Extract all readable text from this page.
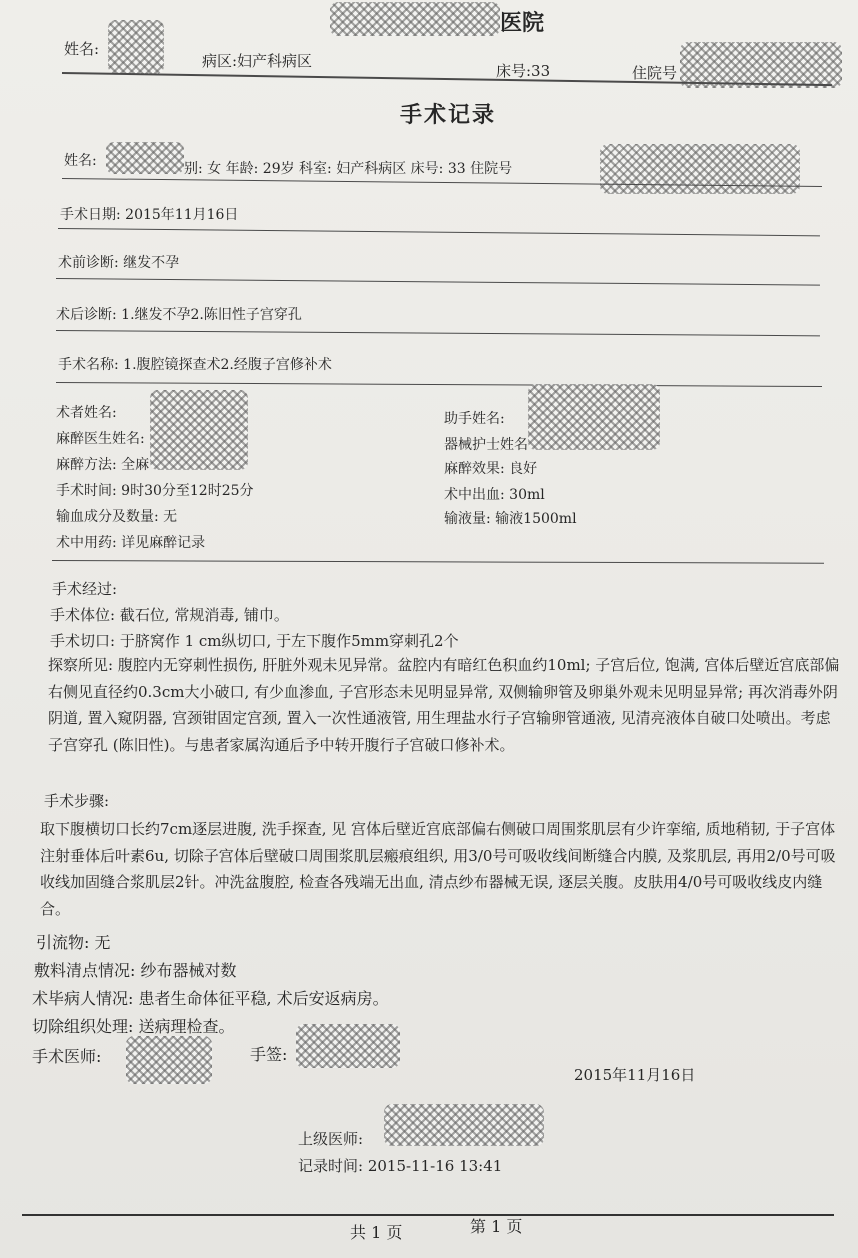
医院
姓名:
病区:妇产科病区
床号:33	住院号
手术记录
姓名:	别: 女 年龄: 29岁 科室: 妇产科病区 床号: 33 住院号
手术日期: 2015年11月16日
术前诊断: 继发不孕
术后诊断: 1.继发不孕2.陈旧性子宫穿孔
手术名称: 1.腹腔镜探查术2.经腹子宫修补术
术者姓名:
麻醉医生姓名:
麻醉方法: 全麻
手术时间: 9时30分至12时25分
输血成分及数量: 无
术中用药: 详见麻醉记录
助手姓名:
器械护士姓名
麻醉效果: 良好
术中出血: 30ml
输液量: 输液1500ml
手术经过:
手术体位: 截石位, 常规消毒, 铺巾。
手术切口: 于脐窝作 1 cm纵切口, 于左下腹作5mm穿刺孔2个
探察所见: 腹腔内无穿刺性损伤, 肝脏外观未见异常。盆腔内有暗红色积血约10ml; 子宫后位, 饱满, 宫体后壁近宫底部偏右侧见直径约0.3cm大小破口, 有少血渗血, 子宫形态未见明显异常, 双侧输卵管及卵巢外观未见明显异常; 再次消毒外阴阴道, 置入窥阴器, 宫颈钳固定宫颈, 置入一次性通液管, 用生理盐水行子宫输卵管通液, 见清亮液体自破口处喷出。考虑子宫穿孔 (陈旧性)。与患者家属沟通后予中转开腹行子宫破口修补术。
手术步骤:
取下腹横切口长约7cm逐层进腹, 洗手探查, 见 宫体后壁近宫底部偏右侧破口周围浆肌层有少许挛缩, 质地稍韧, 于子宫体注射垂体后叶素6u, 切除子宫体后壁破口周围浆肌层瘢痕组织, 用3/0号可吸收线间断缝合内膜, 及浆肌层, 再用2/0号可吸收线加固缝合浆肌层2针。冲洗盆腹腔, 检查各残端无出血, 清点纱布器械无误, 逐层关腹。皮肤用4/0号可吸收线皮内缝合。
引流物: 无
敷料清点情况: 纱布器械对数
术毕病人情况: 患者生命体征平稳, 术后安返病房。
切除组织处理: 送病理检查。
手术医师:	手签:
2015年11月16日
上级医师:
记录时间: 2015-11-16 13:41
共 1 页	第 1 页
